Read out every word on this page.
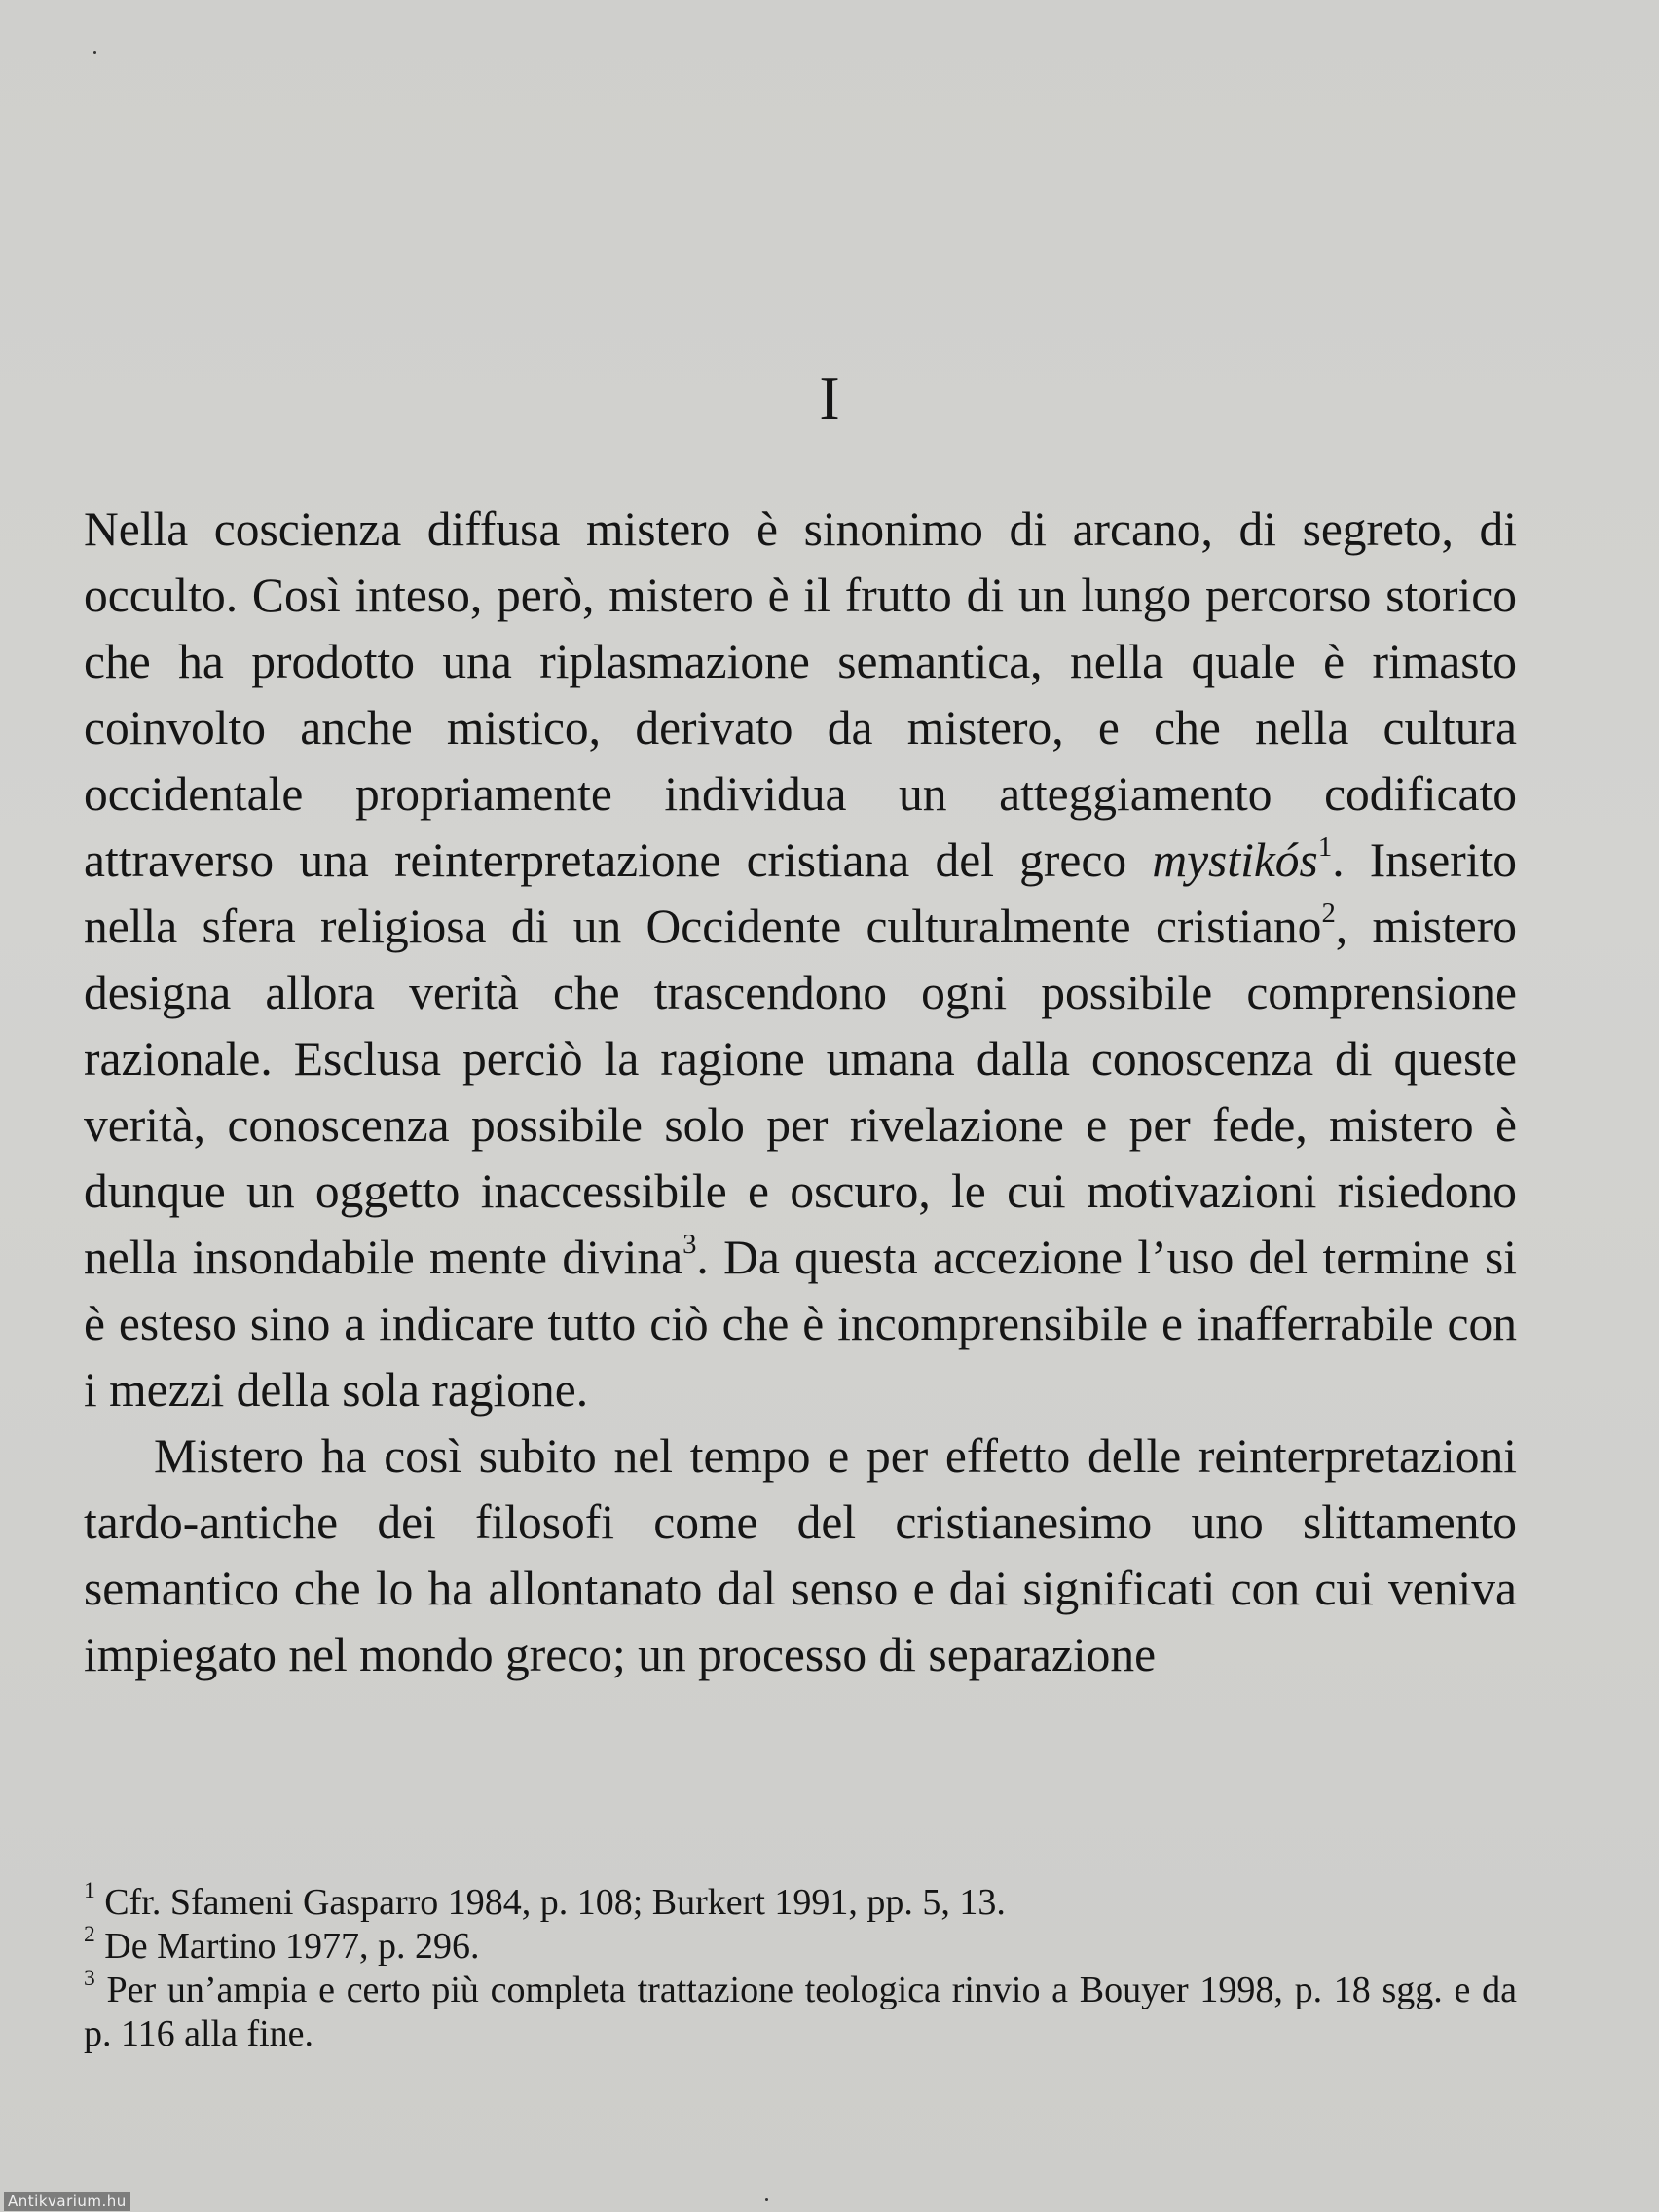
I

Nella coscienza diffusa mistero è sinonimo di arcano, di segreto, di occulto. Così inteso, però, mistero è il frutto di un lungo percorso storico che ha prodotto una riplasmazione semantica, nella quale è rimasto coinvolto anche mistico, derivato da mistero, e che nella cultura occidentale propriamente individua un atteggiamento codificato attraverso una reinterpretazione cristiana del greco mystikós$^1$. Inserito nella sfera religiosa di un Occidente culturalmente cristiano$^2$, mistero designa allora verità che trascendono ogni possibile comprensione razionale. Esclusa perciò la ragione umana dalla conoscenza di queste verità, conoscenza possibile solo per rivelazione e per fede, mistero è dunque un oggetto inaccessibile e oscuro, le cui motivazioni risiedono nella insondabile mente divina$^3$. Da questa accezione l’uso del termine si è esteso sino a indicare tutto ciò che è incomprensibile e inafferrabile con i mezzi della sola ragione.

Mistero ha così subito nel tempo e per effetto delle reinterpretazioni tardo-antiche dei filosofi come del cristianesimo uno slittamento semantico che lo ha allontanato dal senso e dai significati con cui veniva impiegato nel mondo greco; un processo di separazione

$^1$ Cfr. Sfameni Gasparro 1984, p. 108; Burkert 1991, pp. 5, 13.

$^2$ De Martino 1977, p. 296.

$^3$ Per un’ampia e certo più completa trattazione teologica rinvio a Bouyer 1998, p. 18 sgg. e da p. 116 alla fine.

Antikvarium.hu
